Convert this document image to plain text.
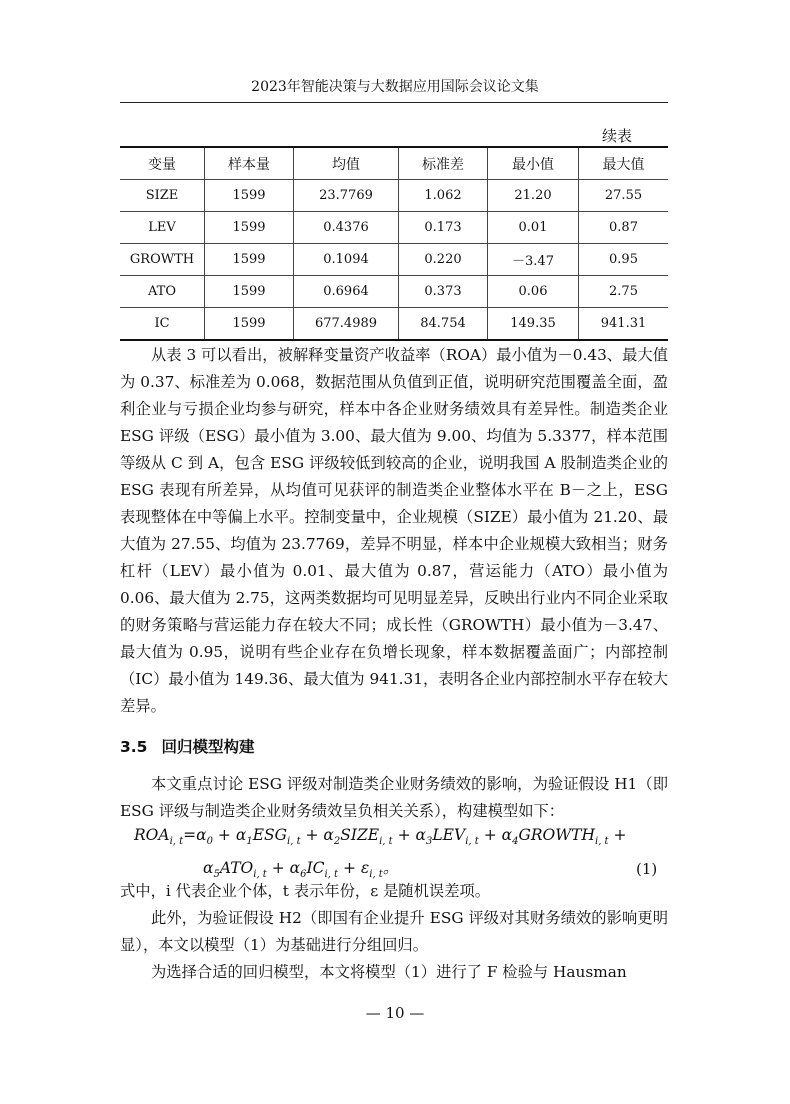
2023年智能决策与大数据应用国际会议论文集
续表
变量	样本量	均值	标准差	最小值	最大值
SIZE	1599	23.7769	1.062	21.20	27.55
LEV	1599	0.4376	0.173	0.01	0.87
GROWTH	1599	0.1094	0.220	－3.47	0.95
ATO	1599	0.6964	0.373	0.06	2.75
IC	1599	677.4989	84.754	149.35	941.31

从表 3 可以看出，被解释变量资产收益率（ROA）最小值为－0.43、最大值为 0.37、标准差为 0.068，数据范围从负值到正值，说明研究范围覆盖全面，盈利企业与亏损企业均参与研究，样本中各企业财务绩效具有差异性。制造类企业 ESG 评级（ESG）最小值为 3.00、最大值为 9.00、均值为 5.3377，样本范围等级从 C 到 A，包含 ESG 评级较低到较高的企业，说明我国 A 股制造类企业的 ESG 表现有所差异，从均值可见获评的制造类企业整体水平在 B－之上，ESG 表现整体在中等偏上水平。控制变量中，企业规模（SIZE）最小值为 21.20、最大值为 27.55、均值为 23.7769，差异不明显，样本中企业规模大致相当；财务杠杆（LEV）最小值为 0.01、最大值为 0.87，营运能力（ATO）最小值为 0.06、最大值为 2.75，这两类数据均可见明显差异，反映出行业内不同企业采取的财务策略与营运能力存在较大不同；成长性（GROWTH）最小值为－3.47、最大值为 0.95，说明有些企业存在负增长现象，样本数据覆盖面广；内部控制（IC）最小值为 149.36、最大值为 941.31，表明各企业内部控制水平存在较大差异。

3.5 回归模型构建

本文重点讨论 ESG 评级对制造类企业财务绩效的影响，为验证假设 H1（即 ESG 评级与制造类企业财务绩效呈负相关关系），构建模型如下：

$ROA_{i, t}=\alpha_0 + \alpha_1ESG_{i, t}$ + $\alpha_2SIZE_{i, t} + \alpha_3LEV_{i, t}$ + $\alpha_4GROWTH_{i, t}$ +
$\alpha_5ATO_{i, t} + \alpha_6IC_{i, t} + \varepsilon_{i, t}$。	(1)

式中，i 代表企业个体，t 表示年份，ε 是随机误差项。

此外，为验证假设 H2（即国有企业提升 ESG 评级对其财务绩效的影响更明显），本文以模型（1）为基础进行分组回归。

为选择合适的回归模型，本文将模型（1）进行了 F 检验与 Hausman

— 10 —
